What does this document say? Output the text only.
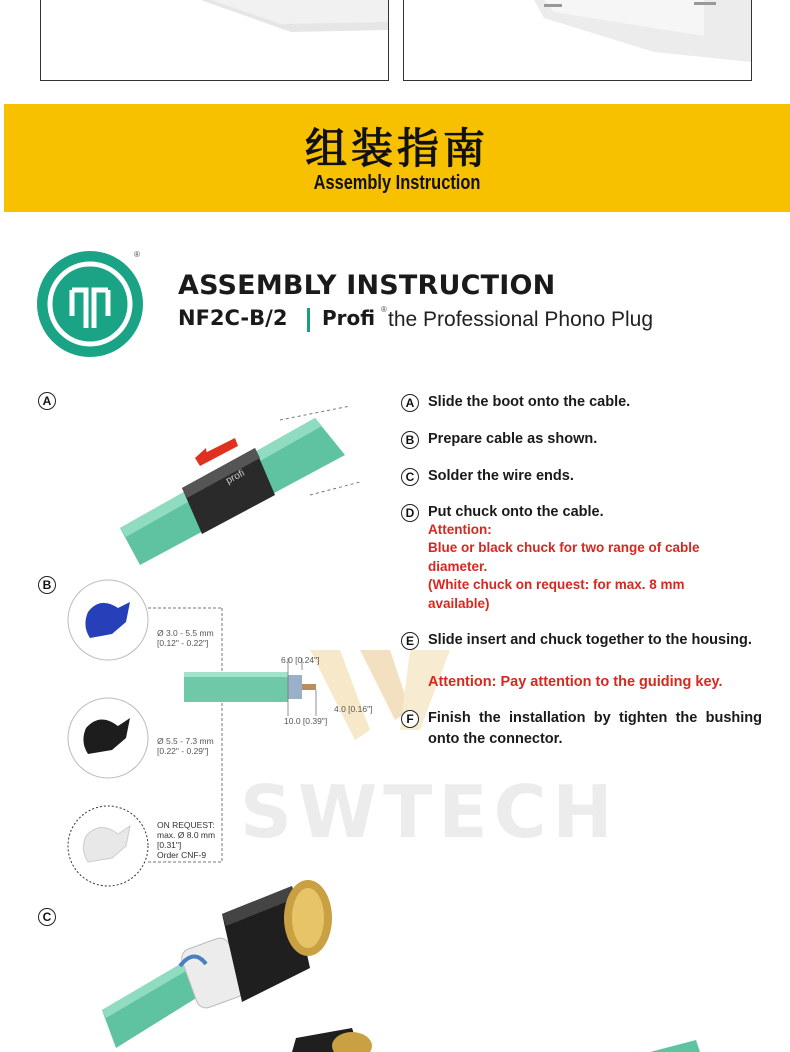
组装指南
Assembly Instruction
®
ASSEMBLY INSTRUCTION
NF2C-B/2 Profi ® the Professional Phono Plug
SWTECH
A
B
C
profi
Ø 3.0 - 5.5 mm
[0.12" - 0.22"]
Ø 5.5 - 7.3 mm
[0.22" - 0.29"]
ON REQUEST:
max. Ø 8.0 mm
[0.31"]
Order CNF-9
6.0 [0.24"]
4.0 [0.16"]
10.0 [0.39"]
A Slide the boot onto the cable.
B Prepare cable as shown.
C Solder the wire ends.
D Put chuck onto the cable.
Attention:
Blue or black chuck for two range of cable diameter.
(White chuck on request: for max. 8 mm available)
E Slide insert and chuck together to the housing.
Attention: Pay attention to the guiding key.
F Finish the installation by tighten the bushing onto the connector.
